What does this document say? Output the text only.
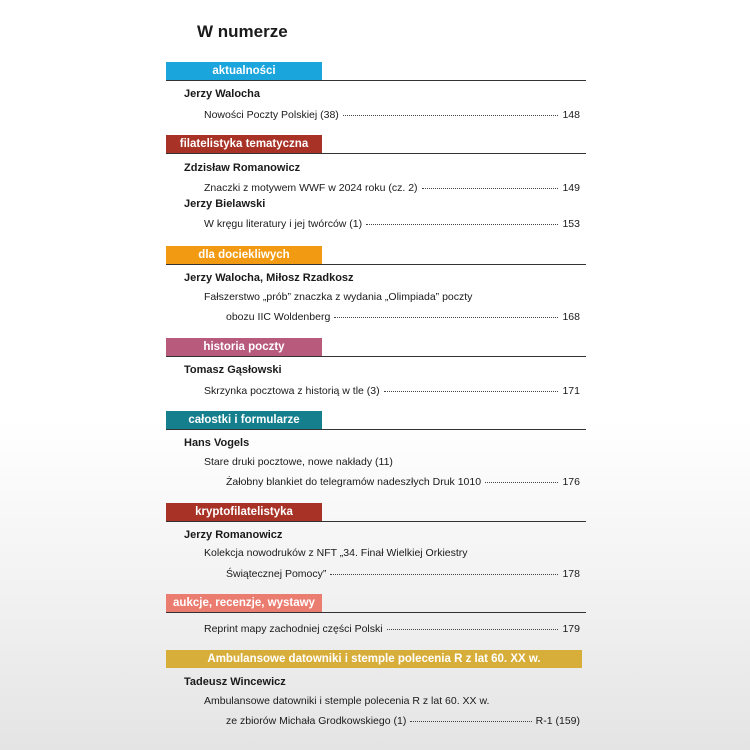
W numerze
aktualności
Jerzy Walocha
Nowości Poczty Polskiej (38)	148
filatelistyka tematyczna
Zdzisław Romanowicz
Znaczki z motywem WWF w 2024 roku (cz. 2)	149
Jerzy Bielawski
W kręgu literatury i jej twórców (1)	153
dla dociekliwych
Jerzy Walocha, Miłosz Rzadkosz
Fałszerstwo „prób” znaczka z wydania „Olimpiada” poczty
obozu IIC Woldenberg	168
historia poczty
Tomasz Gąsłowski
Skrzynka pocztowa z historią w tle (3)	171
całostki i formularze
Hans Vogels
Stare druki pocztowe, nowe nakłady (11)
Żałobny blankiet do telegramów nadeszłych Druk 1010	176
kryptofilatelistyka
Jerzy Romanowicz
Kolekcja nowodruków z NFT „34. Finał Wielkiej Orkiestry
Świątecznej Pomocy”	178
aukcje, recenzje, wystawy
Reprint mapy zachodniej części Polski	179
Ambulansowe datowniki i stemple polecenia R z lat 60. XX w.
Tadeusz Wincewicz
Ambulansowe datowniki i stemple polecenia R z lat 60. XX w.
ze zbiorów Michała Grodkowskiego (1)	R-1 (159)
